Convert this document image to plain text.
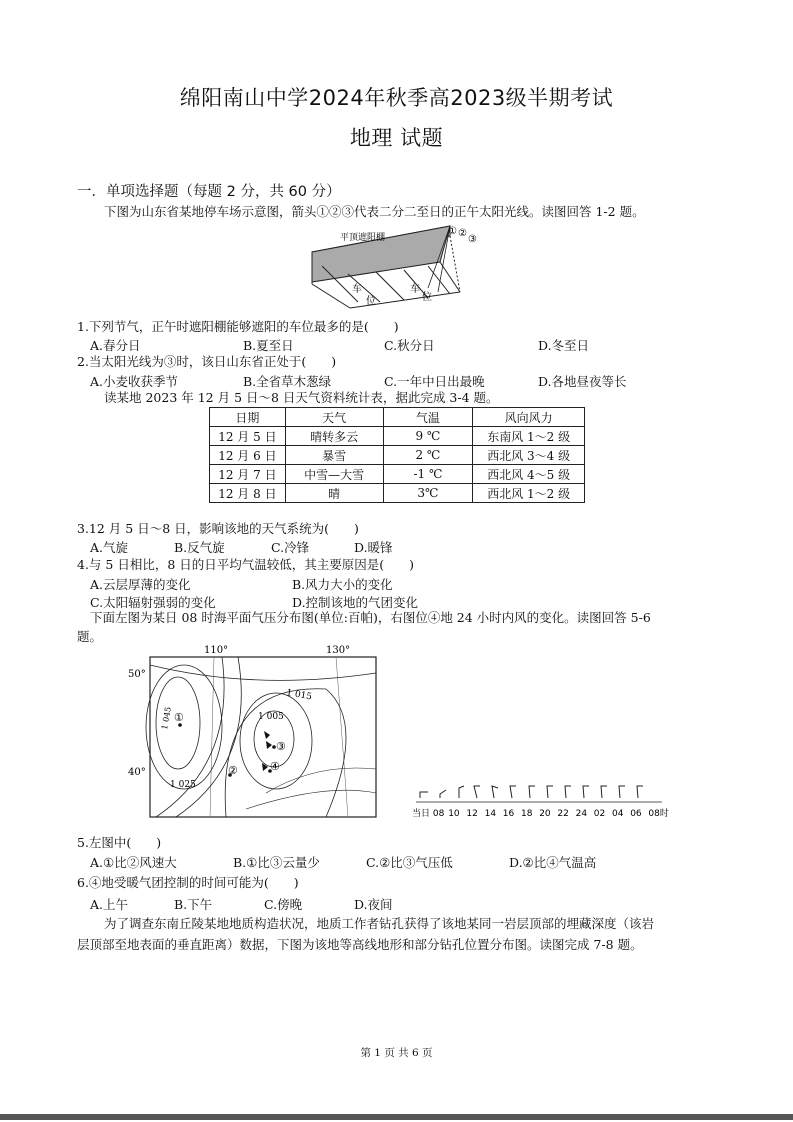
绵阳南山中学2024年秋季高2023级半期考试
地理 试题
一．单项选择题（每题 2 分，共 60 分）
下图为山东省某地停车场示意图，箭头①②③代表二分二至日的正午太阳光线。读图回答 1-2 题。
平顶遮阳棚
① ②
③
车
位
车
位
1.下列节气，正午时遮阳棚能够遮阳的车位最多的是(　　)
A.春分日	B.夏至日	C.秋分日	D.冬至日
2.当太阳光线为③时，该日山东省正处于(　　)
A.小麦收获季节	B.全省草木葱绿	C.一年中日出最晚	D.各地昼夜等长
读某地 2023 年 12 月 5 日～8 日天气资料统计表，据此完成 3-4 题。
日期	天气	气温	风向风力
12 月 5 日	晴转多云	9 ℃	东南风 1～2 级
12 月 6 日	暴雪	2 ℃	西北风 3～4 级
12 月 7 日	中雪—大雪	-1 ℃	西北风 4～5 级
12 月 8 日	晴	3℃	西北风 1～2 级
3.12 月 5 日～8 日，影响该地的天气系统为(　　)
A.气旋	B.反气旋	C.冷锋	D.暖锋
4.与 5 日相比，8 日的日平均气温较低，其主要原因是(　　)
A.云层厚薄的变化	B.风力大小的变化
C.太阳辐射强弱的变化	D.控制该地的气团变化
下面左图为某日 08 时海平面气压分布图(单位:百帕)，右图位④地 24 小时内风的变化。读图回答 5-6
题。
110°	130°
50°
40°
1 045
1 015
1 005
1 025
①
②
③
④
当日 08 10 12 14 16 18 20 22 24 02 04 06 08时
5.左图中(　　)
A.①比②风速大	B.①比③云量少	C.②比③气压低	D.②比④气温高
6.④地受暖气团控制的时间可能为(　　)
A.上午	B.下午	C.傍晚	D.夜间
为了调查东南丘陵某地地质构造状况，地质工作者钻孔获得了该地某同一岩层顶部的埋藏深度（该岩
层顶部至地表面的垂直距离）数据，下图为该地等高线地形和部分钻孔位置分布图。读图完成 7-8 题。
第 1 页 共 6 页
